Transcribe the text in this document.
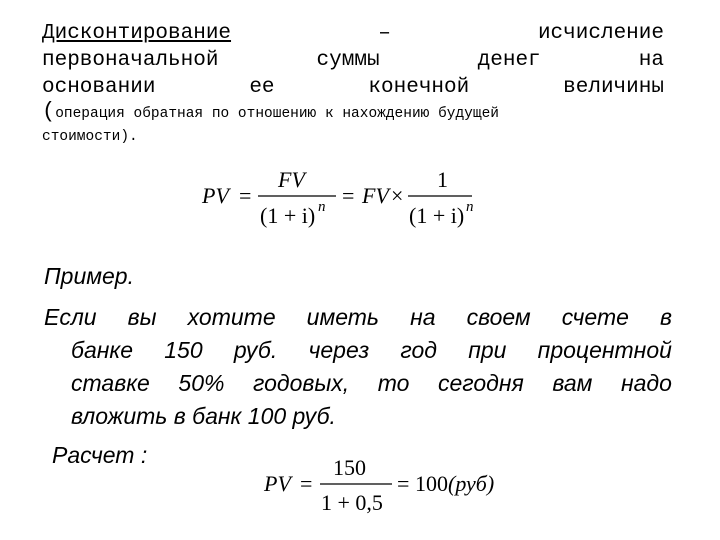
Дисконтирование	–	исчисление
первоначальной	суммы	денег	на
основании	ее	конечной	величины
(операция обратная по отношению к нахождению будущей
стоимости).
PV =
FV
(1 + i) n = FV ×
1
(1 + i) n
Пример.
Если вы хотите иметь на своем счете в
банке 150 руб. через год при процентной
ставке 50% годовых, то сегодня вам надо
вложить в банк 100 руб.
Расчет :
PV =
150
1 + 0,5
= 100 (руб)
